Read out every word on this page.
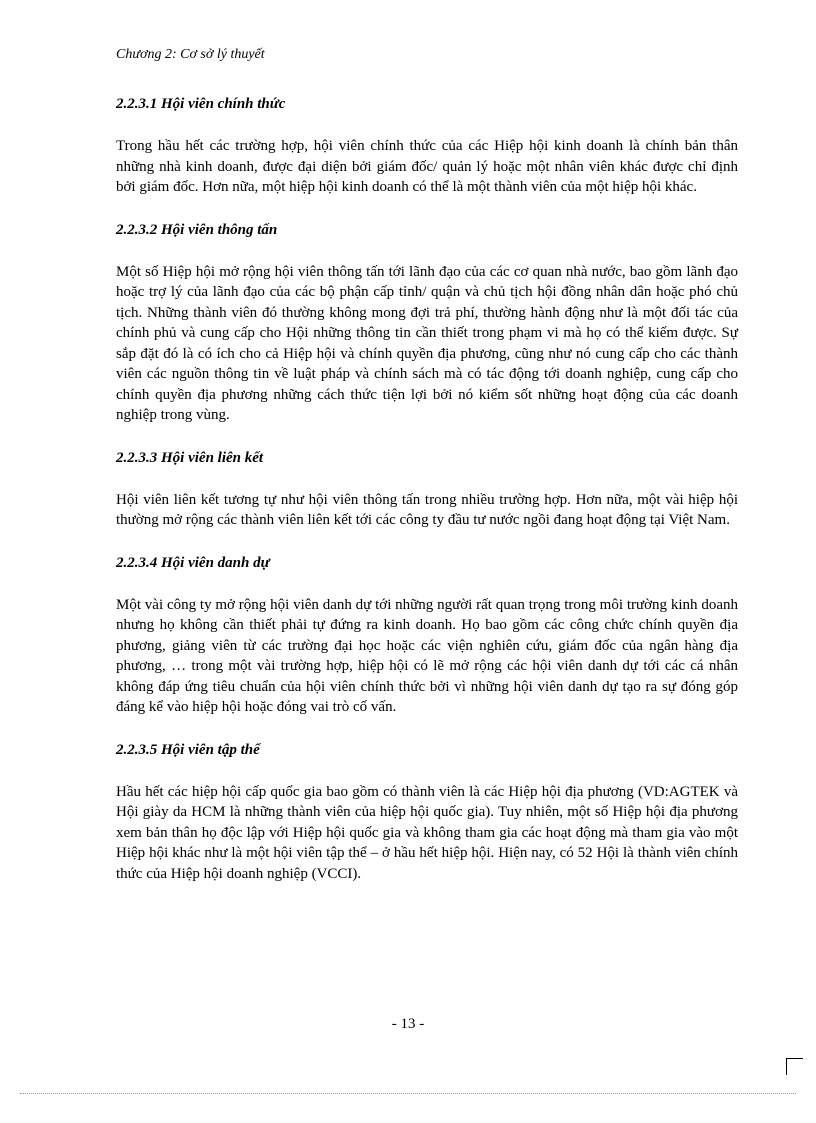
Chương 2: Cơ sở lý thuyết
2.2.3.1 Hội viên chính thức

Trong hầu hết các trường hợp, hội viên chính thức của các Hiệp hội kinh doanh là chính bản thân những nhà kinh doanh, được đại diện bởi giám đốc/ quản lý hoặc một nhân viên khác được chỉ định bởi giám đốc. Hơn nữa, một hiệp hội kinh doanh có thể là một thành viên của một hiệp hội khác.

2.2.3.2 Hội viên thông tấn

Một số Hiệp hội mở rộng hội viên thông tấn tới lãnh đạo của các cơ quan nhà nước, bao gồm lãnh đạo hoặc trợ lý của lãnh đạo của các bộ phận cấp tỉnh/ quận và chủ tịch hội đồng nhân dân hoặc phó chủ tịch. Những thành viên đó thường không mong đợi trả phí, thường hành động như là một đối tác của chính phủ và cung cấp cho Hội những thông tin cần thiết trong phạm vi mà họ có thể kiếm được. Sự sắp đặt đó là có ích cho cả Hiệp hội và chính quyền địa phương, cũng như nó cung cấp cho các thành viên các nguồn thông tin về luật pháp và chính sách mà có tác động tới doanh nghiệp, cung cấp cho chính quyền địa phương những cách thức tiện lợi bởi nó kiểm sốt những hoạt động của các doanh nghiệp trong vùng.

2.2.3.3 Hội viên liên kết

Hội viên liên kết tương tự như hội viên thông tấn trong nhiều trường hợp. Hơn nữa, một vài hiệp hội thường mở rộng các thành viên liên kết tới các công ty đầu tư nước ngồi đang hoạt động tại Việt Nam.

2.2.3.4 Hội viên danh dự

Một vài công ty mở rộng hội viên danh dự tới những người rất quan trọng trong môi trường kinh doanh nhưng họ không cần thiết phải tự đứng ra kinh doanh. Họ bao gồm các công chức chính quyền địa phương, giảng viên từ các trường đại học hoặc các viện nghiên cứu, giám đốc của ngân hàng địa phương, … trong một vài trường hợp, hiệp hội có lẽ mở rộng các hội viên danh dự tới các cá nhân không đáp ứng tiêu chuẩn của hội viên chính thức bởi vì những hội viên danh dự tạo ra sự đóng góp đáng kể vào hiệp hội hoặc đóng vai trò cố vấn.

2.2.3.5 Hội viên tập thể

Hầu hết các hiệp hội cấp quốc gia bao gồm có thành viên là các Hiệp hội địa phương (VD:AGTEK và Hội giày da HCM là những thành viên của hiệp hội quốc gia). Tuy nhiên, một số Hiệp hội địa phương xem bản thân họ độc lập với Hiệp hội quốc gia và không tham gia các hoạt động mà tham gia vào một Hiệp hội khác như là một hội viên tập thể – ở hầu hết hiệp hội. Hiện nay, có 52 Hội là thành viên chính thức của Hiệp hội doanh nghiệp (VCCI).

- 13 -
